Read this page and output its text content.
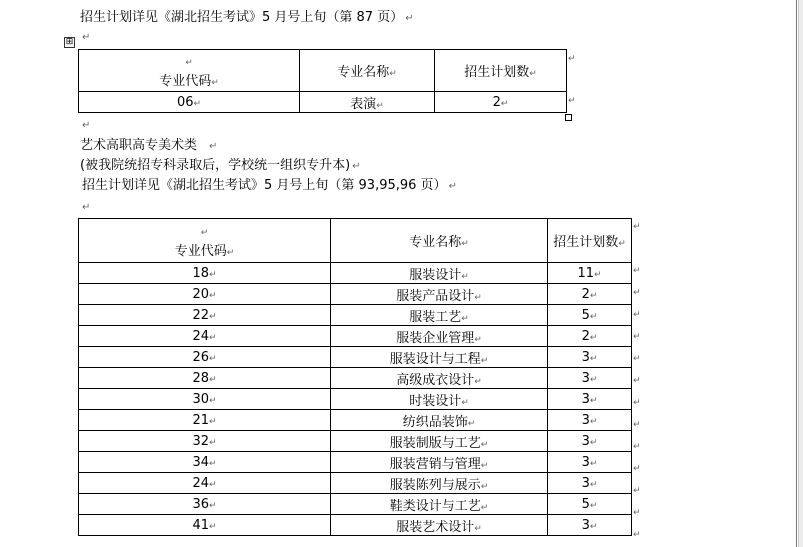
招生计划详见《湖北招生考试》5 月号上旬（第 87 页） ↵
⊞ ↵
↵
专业代码↵	专业名称↵	招生计划数↵
06↵	表演↵	2↵
↵
↵
↵
艺术高职高专美术类 ↵
(被我院统招专科录取后，学校统一组织专升本) ↵
招生计划详见《湖北招生考试》5 月号上旬（第 93,95,96 页） ↵
↵
↵
专业代码↵	专业名称↵	招生计划数↵
18↵	服装设计↵	11↵
20↵	服装产品设计↵	2↵
22↵	服装工艺↵	5↵
24↵	服装企业管理↵	2↵
26↵	服装设计与工程↵	3↵
28↵	高级成衣设计↵	3↵
30↵	时装设计↵	3↵
21↵	纺织品装饰↵	3↵
32↵	服装制版与工艺↵	3↵
34↵	服装营销与管理↵	3↵
24↵	服装陈列与展示↵	3↵
36↵	鞋类设计与工艺↵	5↵
41↵	服装艺术设计↵	3↵
↵
↵
↵
↵
↵
↵
↵
↵
↵
↵
↵
↵
↵
↵
